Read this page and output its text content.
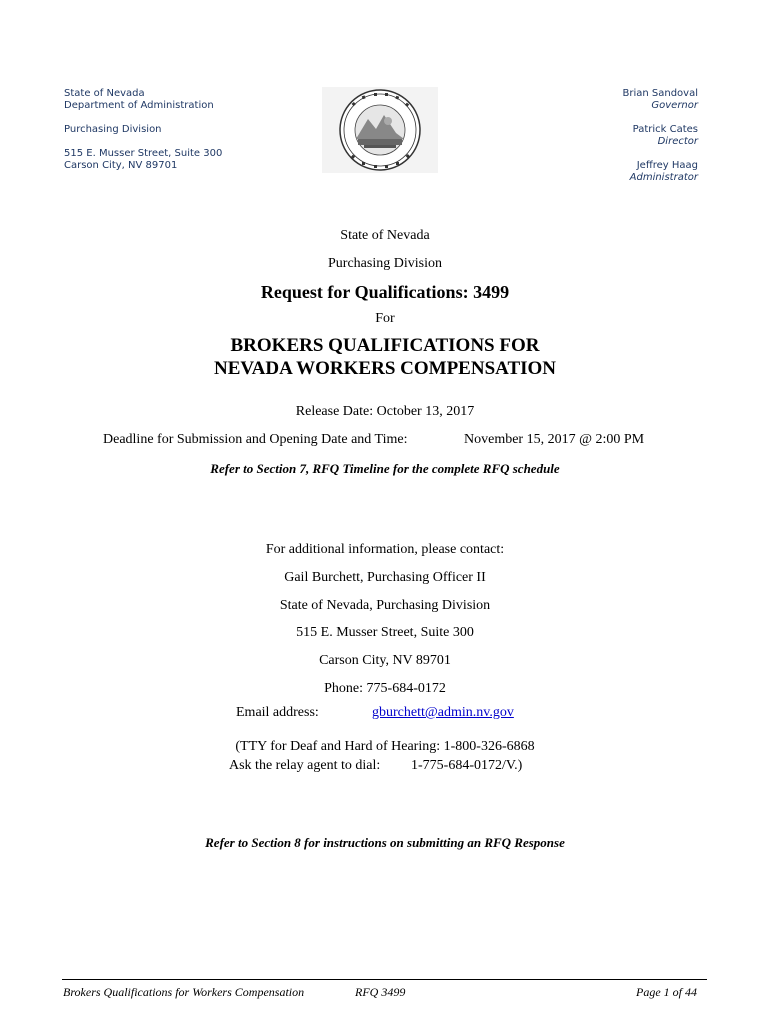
State of Nevada
Department of Administration
Purchasing Division
515 E. Musser Street, Suite 300
Carson City, NV 89701
Brian Sandoval
Governor
Patrick Cates
Director
Jeffrey Haag
Administrator
State of Nevada
Purchasing Division
Request for Qualifications: 3499
For
BROKERS QUALIFICATIONS FOR
NEVADA WORKERS COMPENSATION
Release Date: October 13, 2017
Deadline for Submission and Opening Date and Time:	November 15, 2017 @ 2:00 PM
Refer to Section 7, RFQ Timeline for the complete RFQ schedule
For additional information, please contact:
Gail Burchett, Purchasing Officer II
State of Nevada, Purchasing Division
515 E. Musser Street, Suite 300
Carson City, NV 89701
Phone: 775-684-0172
Email address:	gburchett@admin.nv.gov
(TTY for Deaf and Hard of Hearing: 1-800-326-6868
Ask the relay agent to dial: 1-775-684-0172/V.)
Refer to Section 8 for instructions on submitting an RFQ Response
Brokers Qualifications for Workers Compensation	RFQ 3499	Page 1 of 44
